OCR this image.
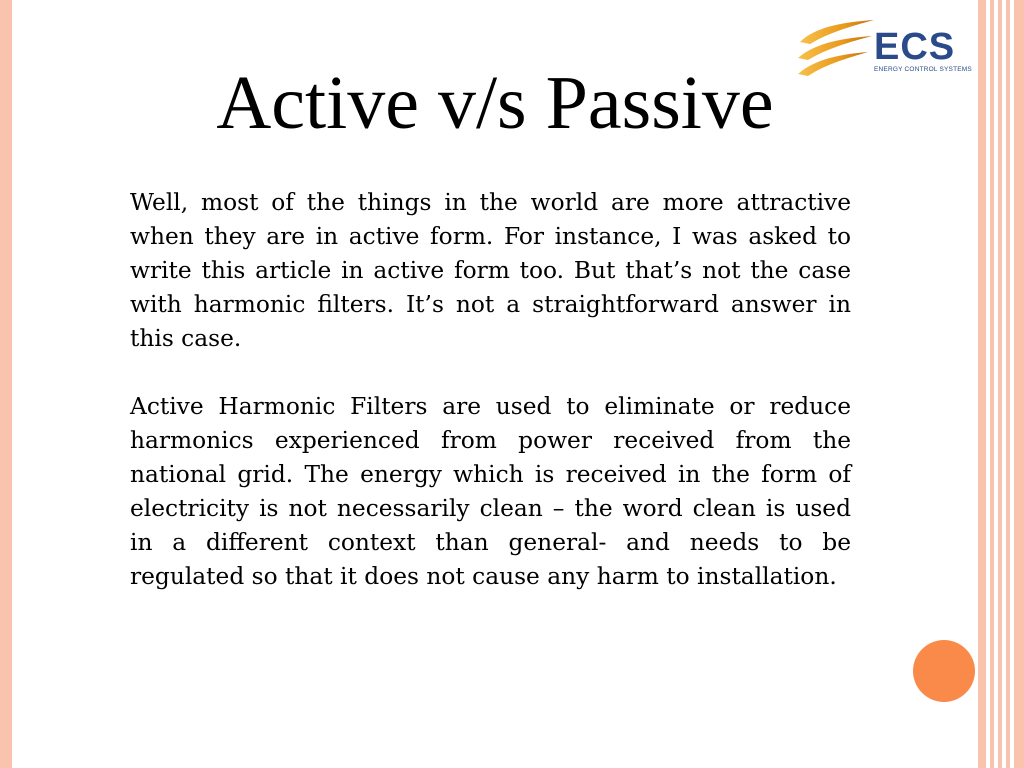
ECS
ENERGY CONTROL SYSTEMS
Active v/s Passive

Well, most of the things in the world are more attractive when they are in active form. For instance, I was asked to write this article in active form too. But that’s not the case with harmonic filters. It’s not a straightforward answer in this case.

Active Harmonic Filters are used to eliminate or reduce harmonics experienced from power received from the national grid. The energy which is received in the form of electricity is not necessarily clean – the word clean is used in a different context than general- and needs to be regulated so that it does not cause any harm to installation.
